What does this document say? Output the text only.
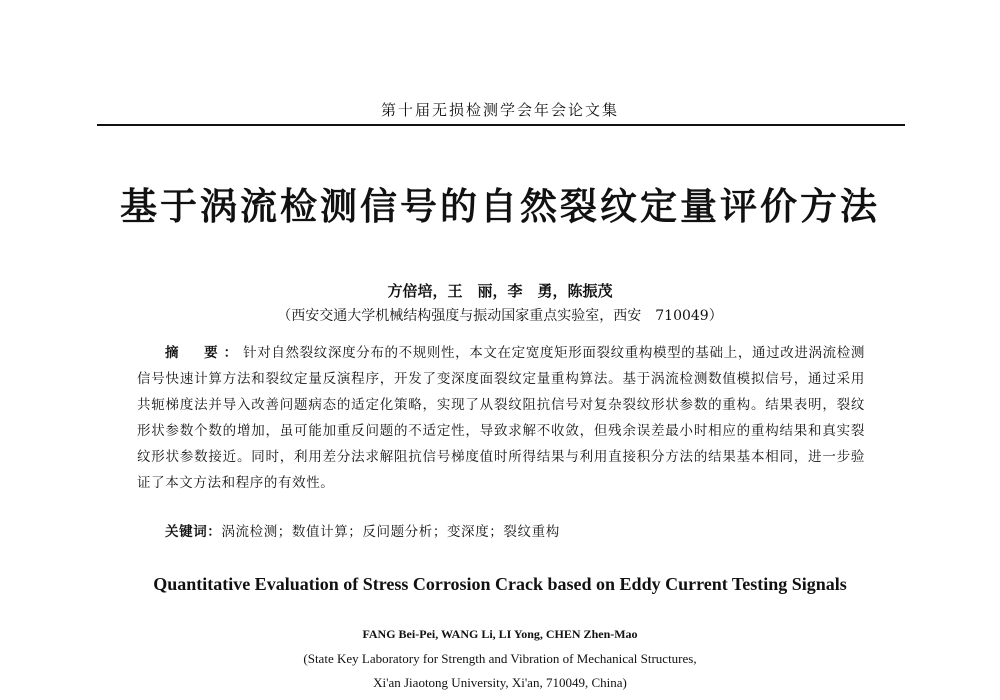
第十届无损检测学会年会论文集
基于涡流检测信号的自然裂纹定量评价方法
方倍培，王　丽，李　勇，陈振茂
（西安交通大学机械结构强度与振动国家重点实验室，西安　710049）
摘　要：针对自然裂纹深度分布的不规则性，本文在定宽度矩形面裂纹重构模型的基础上，通过改进涡流检测信号快速计算方法和裂纹定量反演程序，开发了变深度面裂纹定量重构算法。基于涡流检测数值模拟信号，通过采用共轭梯度法并导入改善问题病态的适定化策略，实现了从裂纹阻抗信号对复杂裂纹形状参数的重构。结果表明，裂纹形状参数个数的增加，虽可能加重反问题的不适定性，导致求解不收敛，但残余误差最小时相应的重构结果和真实裂纹形状参数接近。同时，利用差分法求解阻抗信号梯度值时所得结果与利用直接积分方法的结果基本相同，进一步验证了本文方法和程序的有效性。
关键词：涡流检测；数值计算；反问题分析；变深度；裂纹重构
Quantitative Evaluation of Stress Corrosion Crack based on Eddy Current Testing Signals
FANG Bei-Pei, WANG Li, LI Yong, CHEN Zhen-Mao
(State Key Laboratory for Strength and Vibration of Mechanical Structures,
Xi'an Jiaotong University, Xi'an, 710049, China)
